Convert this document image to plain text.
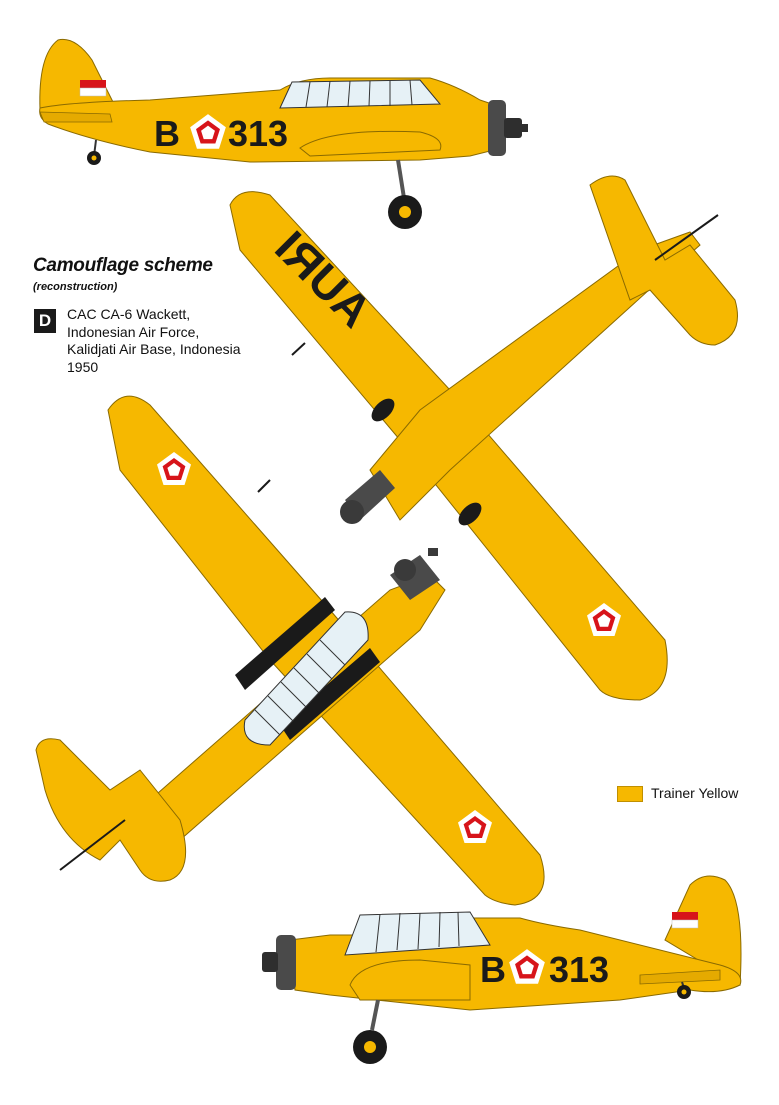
B 313
AURI
B 313
Camouflage scheme
(reconstruction)
D	CAC CA-6 Wackett,
Indonesian Air Force,
Kalidjati Air Base, Indonesia
1950
Trainer Yellow
